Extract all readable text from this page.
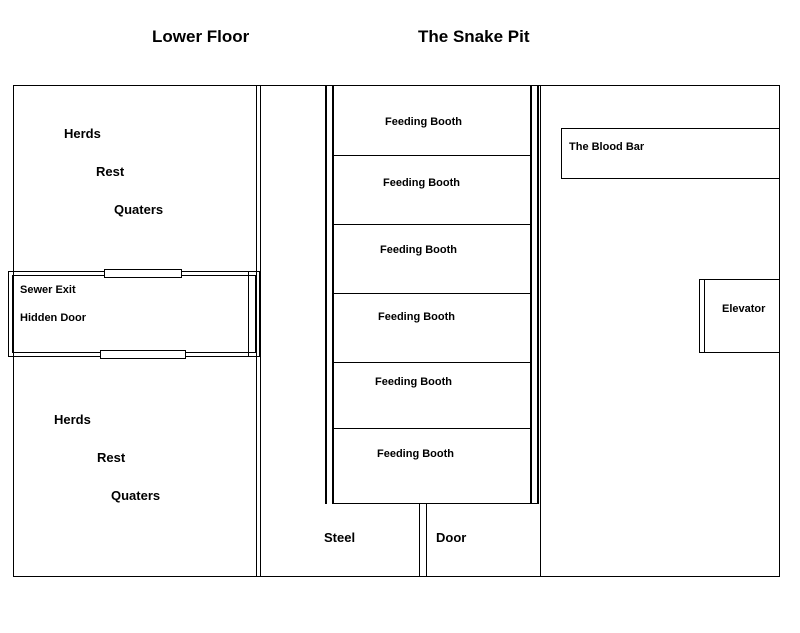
Lower Floor	The Snake Pit
Herds
Rest
Quaters
Sewer Exit
Hidden Door
Herds
Rest
Quaters
Feeding Booth
Feeding Booth
Feeding Booth
Feeding Booth
Feeding Booth
Feeding Booth
Steel	Door
The Blood Bar
Elevator
